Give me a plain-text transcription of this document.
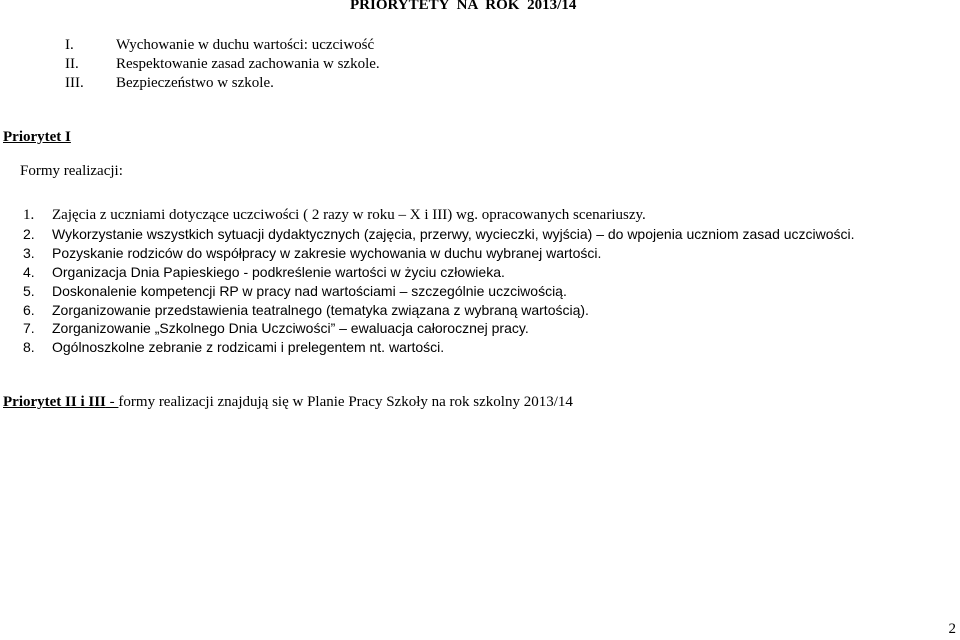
PRIORYTETY NA ROK 2013/14
I.	Wychowanie w duchu wartości: uczciwość
II. Respektowanie zasad zachowania w szkole.
III. Bezpieczeństwo w szkole.
Priorytet I
Formy realizacji:
1. Zajęcia z uczniami dotyczące uczciwości ( 2 razy w roku – X i III) wg. opracowanych scenariuszy.
2. Wykorzystanie wszystkich sytuacji dydaktycznych (zajęcia, przerwy, wycieczki, wyjścia) – do wpojenia uczniom zasad uczciwości.
3. Pozyskanie rodziców do współpracy w zakresie wychowania w duchu wybranej wartości.
4. Organizacja Dnia Papieskiego - podkreślenie wartości w życiu człowieka.
5. Doskonalenie kompetencji RP w pracy nad wartościami – szczególnie uczciwością.
6. Zorganizowanie przedstawienia teatralnego (tematyka związana z wybraną wartością).
7. Zorganizowanie „Szkolnego Dnia Uczciwości” – ewaluacja całorocznej pracy.
8. Ogólnoszkolne zebranie z rodzicami i prelegentem nt. wartości.
Priorytet II i III - formy realizacji znajdują się w Planie Pracy Szkoły na rok szkolny 2013/14
2
